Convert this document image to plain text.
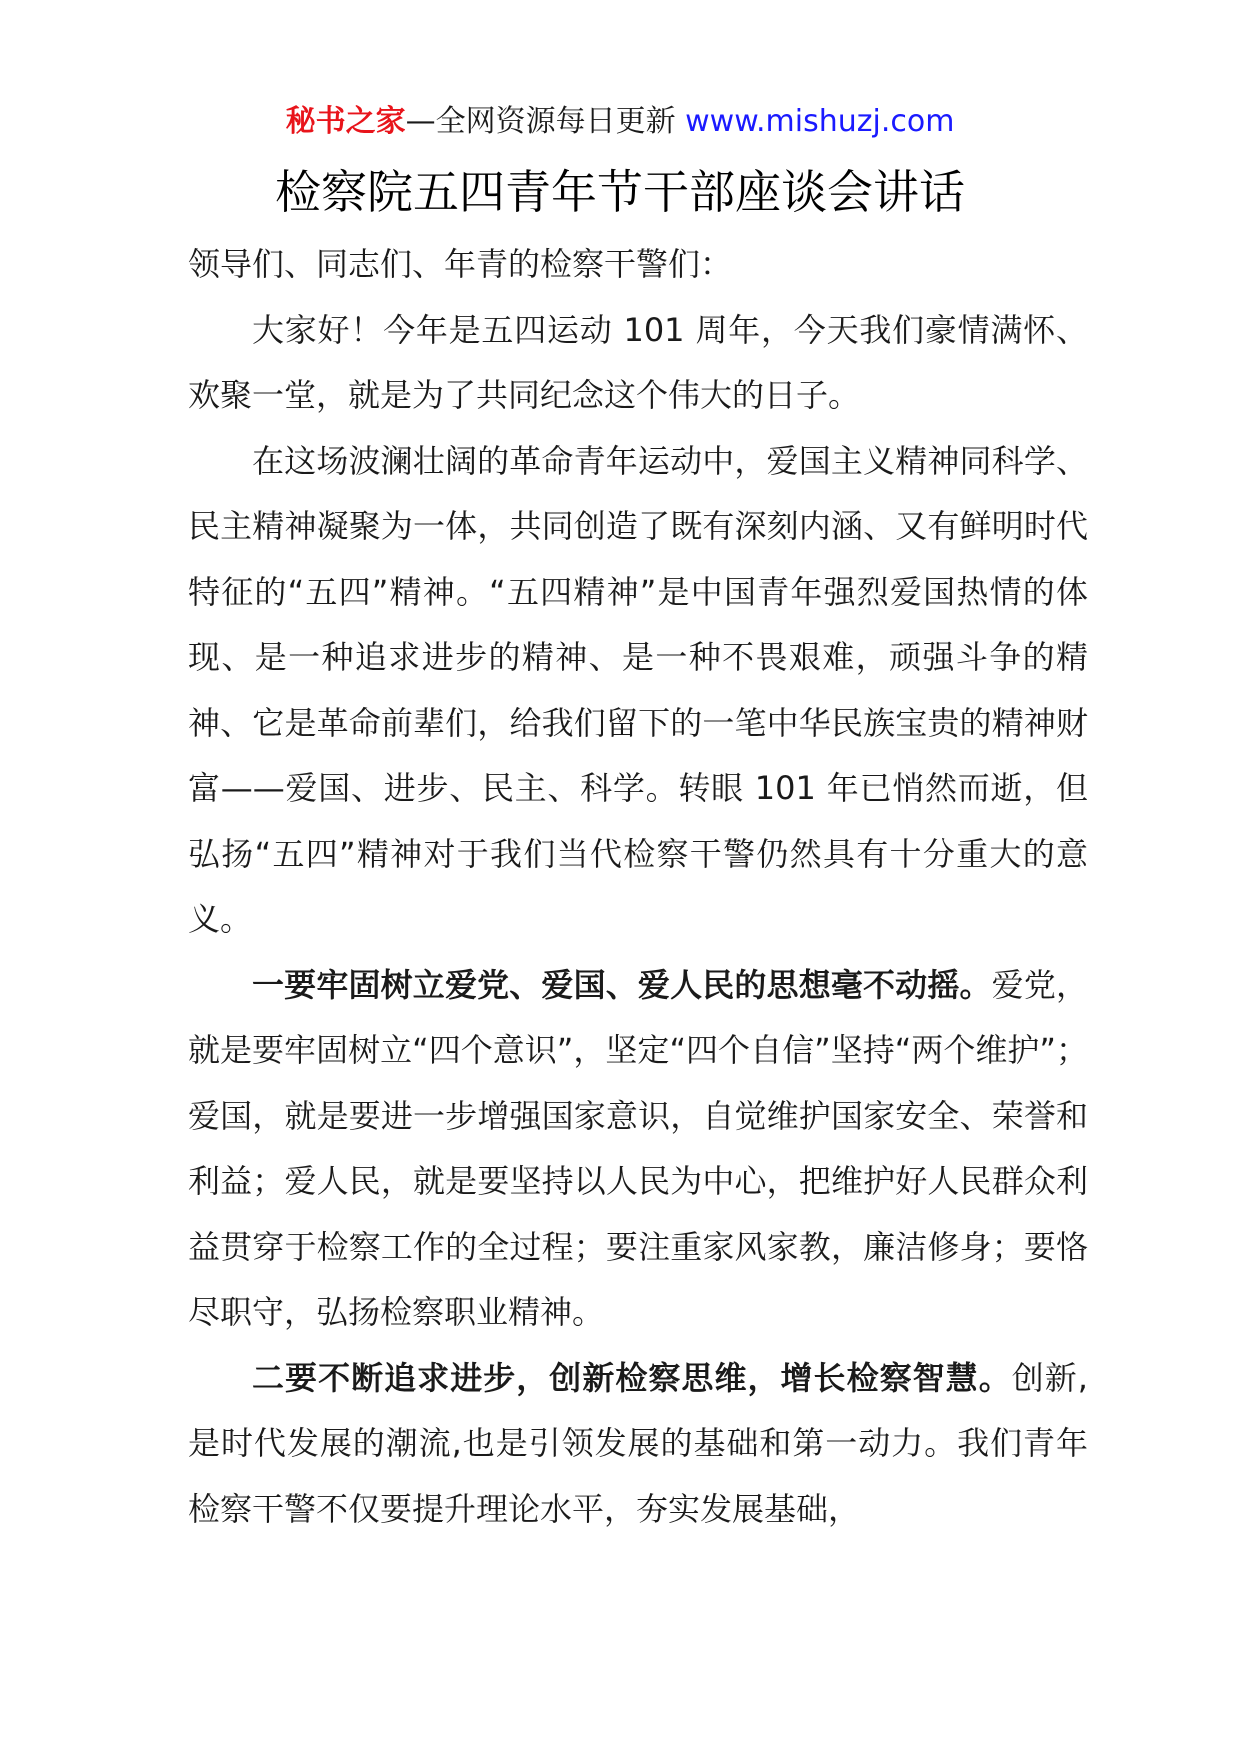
秘书之家—全网资源每日更新 www.mishuzj.com
检察院五四青年节干部座谈会讲话

领导们、同志们、年青的检察干警们：

大家好！今年是五四运动 101 周年，今天我们豪情满怀、欢聚一堂，就是为了共同纪念这个伟大的日子。

在这场波澜壮阔的革命青年运动中，爱国主义精神同科学、民主精神凝聚为一体，共同创造了既有深刻内涵、又有鲜明时代特征的“五四”精神。“五四精神”是中国青年强烈爱国热情的体现、是一种追求进步的精神、是一种不畏艰难，顽强斗争的精神、它是革命前辈们，给我们留下的一笔中华民族宝贵的精神财富——爱国、进步、民主、科学。转眼 101 年已悄然而逝，但弘扬“五四”精神对于我们当代检察干警仍然具有十分重大的意义。

一要牢固树立爱党、爱国、爱人民的思想毫不动摇。爱党，就是要牢固树立“四个意识”，坚定“四个自信”坚持“两个维护”；爱国，就是要进一步增强国家意识，自觉维护国家安全、荣誉和利益；爱人民，就是要坚持以人民为中心，把维护好人民群众利益贯穿于检察工作的全过程；要注重家风家教，廉洁修身；要恪尽职守，弘扬检察职业精神。

二要不断追求进步，创新检察思维，增长检察智慧。创新,是时代发展的潮流,也是引领发展的基础和第一动力。我们青年检察干警不仅要提升理论水平，夯实发展基础，
